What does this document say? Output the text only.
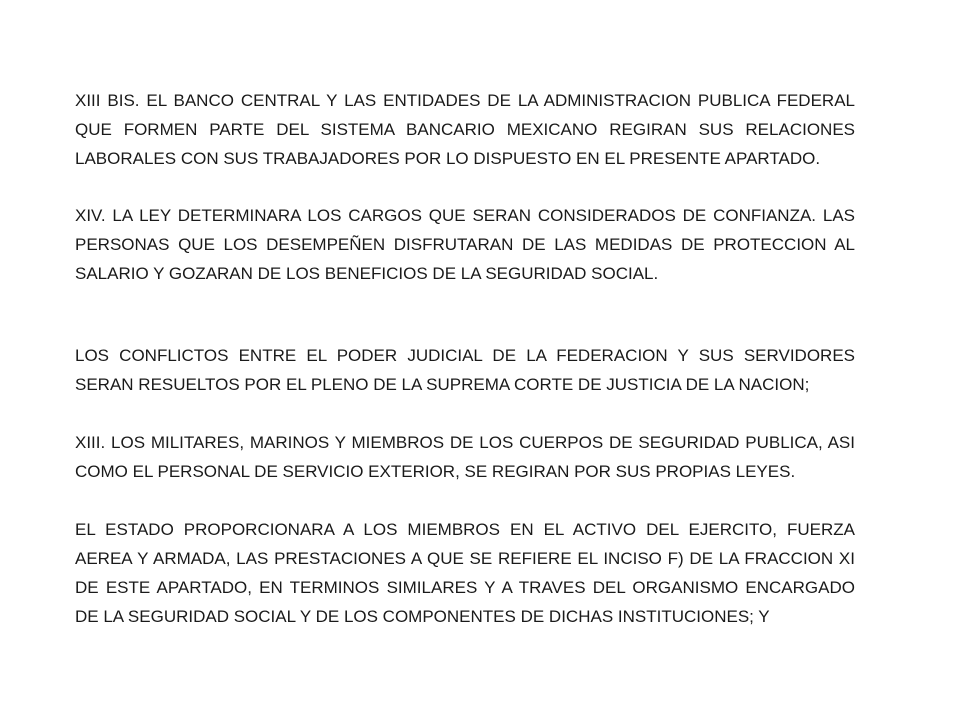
XIII BIS. EL BANCO CENTRAL Y LAS ENTIDADES DE LA ADMINISTRACION PUBLICA FEDERAL QUE FORMEN PARTE DEL SISTEMA BANCARIO MEXICANO REGIRAN SUS RELACIONES LABORALES CON SUS TRABAJADORES POR LO DISPUESTO EN EL PRESENTE APARTADO.

XIV. LA LEY DETERMINARA LOS CARGOS QUE SERAN CONSIDERADOS DE CONFIANZA. LAS PERSONAS QUE LOS DESEMPEÑEN DISFRUTARAN DE LAS MEDIDAS DE PROTECCION AL SALARIO Y GOZARAN DE LOS BENEFICIOS DE LA SEGURIDAD SOCIAL.

LOS CONFLICTOS ENTRE EL PODER JUDICIAL DE LA FEDERACION Y SUS SERVIDORES SERAN RESUELTOS POR EL PLENO DE LA SUPREMA CORTE DE JUSTICIA DE LA NACION;

XIII. LOS MILITARES, MARINOS Y MIEMBROS DE LOS CUERPOS DE SEGURIDAD PUBLICA, ASI COMO EL PERSONAL DE SERVICIO EXTERIOR, SE REGIRAN POR SUS PROPIAS LEYES.

EL ESTADO PROPORCIONARA A LOS MIEMBROS EN EL ACTIVO DEL EJERCITO, FUERZA AEREA Y ARMADA, LAS PRESTACIONES A QUE SE REFIERE EL INCISO F) DE LA FRACCION XI DE ESTE APARTADO, EN TERMINOS SIMILARES Y A TRAVES DEL ORGANISMO ENCARGADO DE LA SEGURIDAD SOCIAL Y DE LOS COMPONENTES DE DICHAS INSTITUCIONES; Y
